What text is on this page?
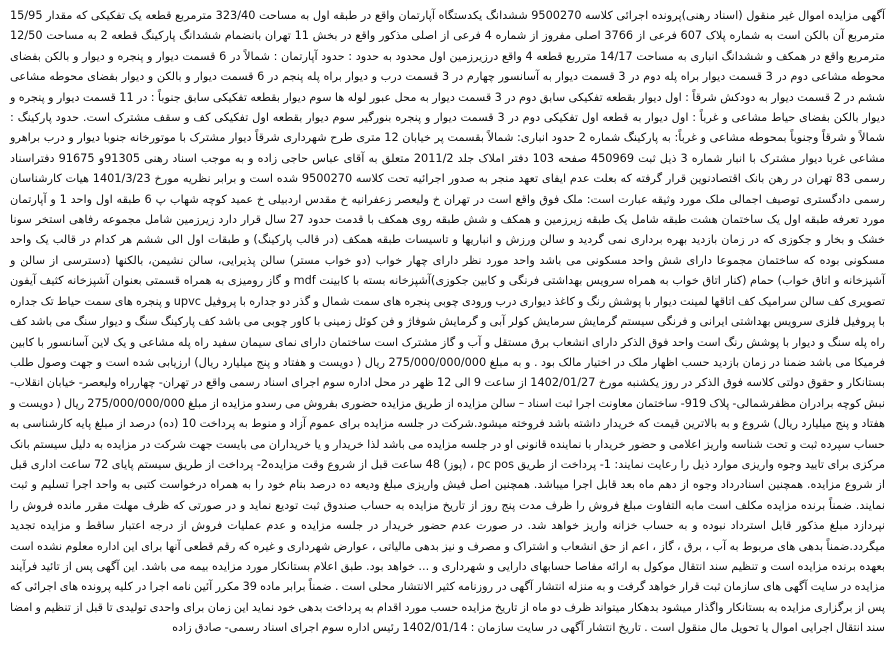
آگهی مزایده اموال غیر منقول (اسناد رهنی)پرونده اجرائی کلاسه 9500270 ششدانگ یکدستگاه آپارتمان واقع در طبقه اول به مساحت 323/40 مترمربع قطعه یک تفکیکی که مقدار 15/95 مترمربع آن بالکن است به شماره پلاک 607 فرعی از 3766 اصلی مفروز از شماره 4 فرعی از اصلی مذکور واقع در بخش 11 تهران بانضمام ششدانگ پارکینگ قطعه 2 به مساحت 12/50 مترمربع واقع در همکف و ششدانگ انباری به مساحت 14/17 مترربع قطعه 4 واقع درزیرزمین اول محدود به حدود : حدود آپارتمان : شمالاً در 6 قسمت دیوار و پنجره و دیوار و بالکن بفضای محوطه مشاعی دوم در 3 قسمت دیوار براه پله دوم در 3 قسمت دیوار به آسانسور چهارم در 3 قسمت درب و دیوار براه پله پنجم در 6 قسمت دیوار و بالکن و دیوار بفضای محوطه مشاعی ششم در 2 قسمت دیوار به دودکش شرقاً : اول دیوار بقطعه تفکیکی سابق دوم در 3 قسمت دیوار به محل عبور لوله ها سوم دیوار بقطعه تفکیکی سابق جنوباً : در 11 قسمت دیوار و پنجره و دیوار بالکن بفضای حیاط مشاعی و غرباً : اول دیوار به قطعه اول تفکیکی دوم در 3 قسمت دیوار و پنجره بنورگیر سوم دیوار بقطعه اول تفکیکی کف و سقف مشترک است. حدود پارکینگ : شمالاً و شرقاً وجنوباً بمحوطه مشاعی و غرباً: به پارکینگ شماره 2 حدود انباری: شمالاً بقسمت پر خیابان 12 متری طرح شهرداری شرقاً دیوار مشترک با موتورخانه جنوبا دیوار و درب براهرو مشاعی غربا دیوار مشترک با انبار شماره 3 ذیل ثبت 450969 صفحه 103 دفتر املاک جلد 2011/2 متعلق به آقای عباس حاجی زاده و به موجب اسناد رهنی 91305و 91675 دفتراسناد رسمی 83 تهران در رهن بانک اقتصادنوین قرار گرفته که بعلت عدم ایفای تعهد منجر به صدور اجرائیه تحت کلاسه 9500270 شده است و برابر نظریه مورخ 1401/3/23 هیات کارشناسان رسمی دادگستری توصیف اجمالی ملک مورد وثیقه عبارت است: ملک فوق واقع است در تهران خ ولیعصر زعفرانیه خ مقدس اردبیلی خ عمید کوچه شهاب پ 6 طبقه اول واحد 1 و آپارتمان مورد تعرفه طبقه اول یک ساختمان هشت طبقه شامل یک طبقه زیرزمین و همکف و شش طبقه روی همکف با قدمت حدود 27 سال قرار دارد زیرزمین شامل مجموعه رفاهی استخر سونا خشک و بخار و جکوزی که در زمان بازدید بهره برداری نمی گردید و سالن ورزش و انباریها و تاسیسات طبقه همکف (در قالب پارکینگ) و طبقات اول الی ششم هر کدام در قالب یک واحد مسکونی بوده که ساختمان مجموعا دارای شش واحد مسکونی می باشد واحد مورد نظر دارای چهار خواب (دو خواب مستر) سالن پذیرایی، سالن نشیمن، بالکنها (دسترسی از سالن و آشپزخانه و اتاق خواب) حمام (کنار اتاق خواب به همراه سرویس بهداشتی فرنگی و کابین جکوزی)آشپزخانه بسته با کابینت mdf و گاز رومیزی به همراه قسمتی بعنوان آشپزخانه کثیف آیفون تصویری کف سالن سرامیک کف اتاقها لمینت دیوار با پوشش رنگ و کاغذ دیواری درب ورودی چوبی پنجره های سمت شمال و گذر دو جداره با پروفیل upvc و پنجره های سمت حیاط تک جداره با پروفیل فلزی سرویس بهداشتی ایرانی و فرنگی سیستم گرمایش سرمایش کولر آبی و گرمایش شوفاژ و فن کوئل زمینی با کاور چوبی می باشد کف پارکینگ سنگ و دیوار سنگ می باشد کف راه پله سنگ و دیوار با پوشش رنگ است واحد فوق الذکر دارای انشعاب برق مستقل و آب و گاز مشترک است ساختمان دارای نمای سیمان سفید راه پله مشاعی و یک لاین آسانسور با کابین فرمیکا می باشد ضمنا در زمان بازدید حسب اظهار ملک در اختیار مالک بود . و به مبلغ 275/000/000/000 ریال ( دویست و هفتاد و پنج میلیارد ریال) ارزیابی شده است و جهت وصول طلب بستانکار و حقوق دولتی کلاسه فوق الذکر در روز یکشنبه مورخ 1402/01/27 از ساعت 9 الی 12 ظهر در محل اداره سوم اجرای اسناد رسمی واقع در تهران- چهارراه ولیعصر- خیابان انقلاب- نبش کوچه برادران مظفرشمالی- پلاک 919- ساختمان معاونت اجرا ثبت اسناد – سالن مزایده از طریق مزایده حضوری بفروش می رسدو مزایده از مبلغ 275/000/000/000 ریال ( دویست و هفتاد و پنج میلیارد ریال) شروع و به بالاترین قیمت که خریدار داشته باشد فروخته میشود.شرکت در جلسه مزایده برای عموم آزاد و منوط به پرداخت 10 (ده) درصد از مبلغ پایه کارشناسی به حساب سپرده ثبت و تحت شناسه واریز اعلامی و حضور خریدار با نماینده قانونی او در جلسه مزایده می باشد لذا خریدار و یا خریداران می بایست جهت شرکت در مزایده به دلیل سیستم بانک مرکزی برای تایید وجوه واریزی موارد ذیل را رعایت نمایند: 1- پرداخت از طریق pc pos ، (پوز) 48 ساعت قبل از شروع وقت مزایده2- پرداخت از طریق سیستم پایای 72 ساعت اداری قبل از شروع مزایده. همچنین اسنادرداد وجوه از دهم ماه بعد قابل اجرا میباشد. همچنین اصل فیش واریزی مبلغ ودیعه ده درصد بنام خود را به همراه درخواست کتبی به واحد اجرا تسلیم و ثبت نمایند. ضمناً برنده مزایده مکلف است مابه التفاوت مبلغ فروش را ظرف مدت پنج روز از تاریخ مزایده به حساب صندوق ثبت تودیع نماید و در صورتی که ظرف مهلت مقرر مانده فروش را نپردازد مبلغ مذکور قابل استرداد نبوده و به حساب خزانه واریز خواهد شد. در صورت عدم حضور خریدار در جلسه مزایده و عدم عملیات فروش از درجه اعتبار ساقط و مزایده تجدید میگردد.ضمناً بدهی های مربوط به آب ، برق ، گاز ، اعم از حق انشعاب و اشتراک و مصرف و نیز بدهی مالیاتی ، عوارض شهرداری و غیره که رقم قطعی آنها برای این اداره معلوم نشده است بعهده برنده مزایده است و تنظیم سند انتقال موکول به ارائه مفاصا حسابهای دارایی و شهرداری و ... خواهد بود. طبق اعلام بستانکار مورد مزایده بیمه می باشد. این آگهی پس از تائید فرآیند مزایده در سایت آگهی های سازمان ثبت قرار خواهد گرفت و به منزله انتشار آگهی در روزنامه کثیر الانتشار محلی است . ضمناً برابر ماده 39 مکرر آئین نامه اجرا در کلیه پرونده های اجرائی که پس از برگزاری مزایده به بستانکار واگذار میشود بدهکار میتواند ظرف دو ماه از تاریخ مزایده حسب مورد اقدام به پرداخت بدهی خود نماید این زمان برای واحدی تولیدی تا قبل از تنظیم و امضا سند انتقال اجرایی اموال یا تحویل مال منقول است . تاریخ انتشار آگهی در سایت سازمان : 1402/01/14 رئیس اداره سوم اجرای اسناد رسمی- صادق زاده
